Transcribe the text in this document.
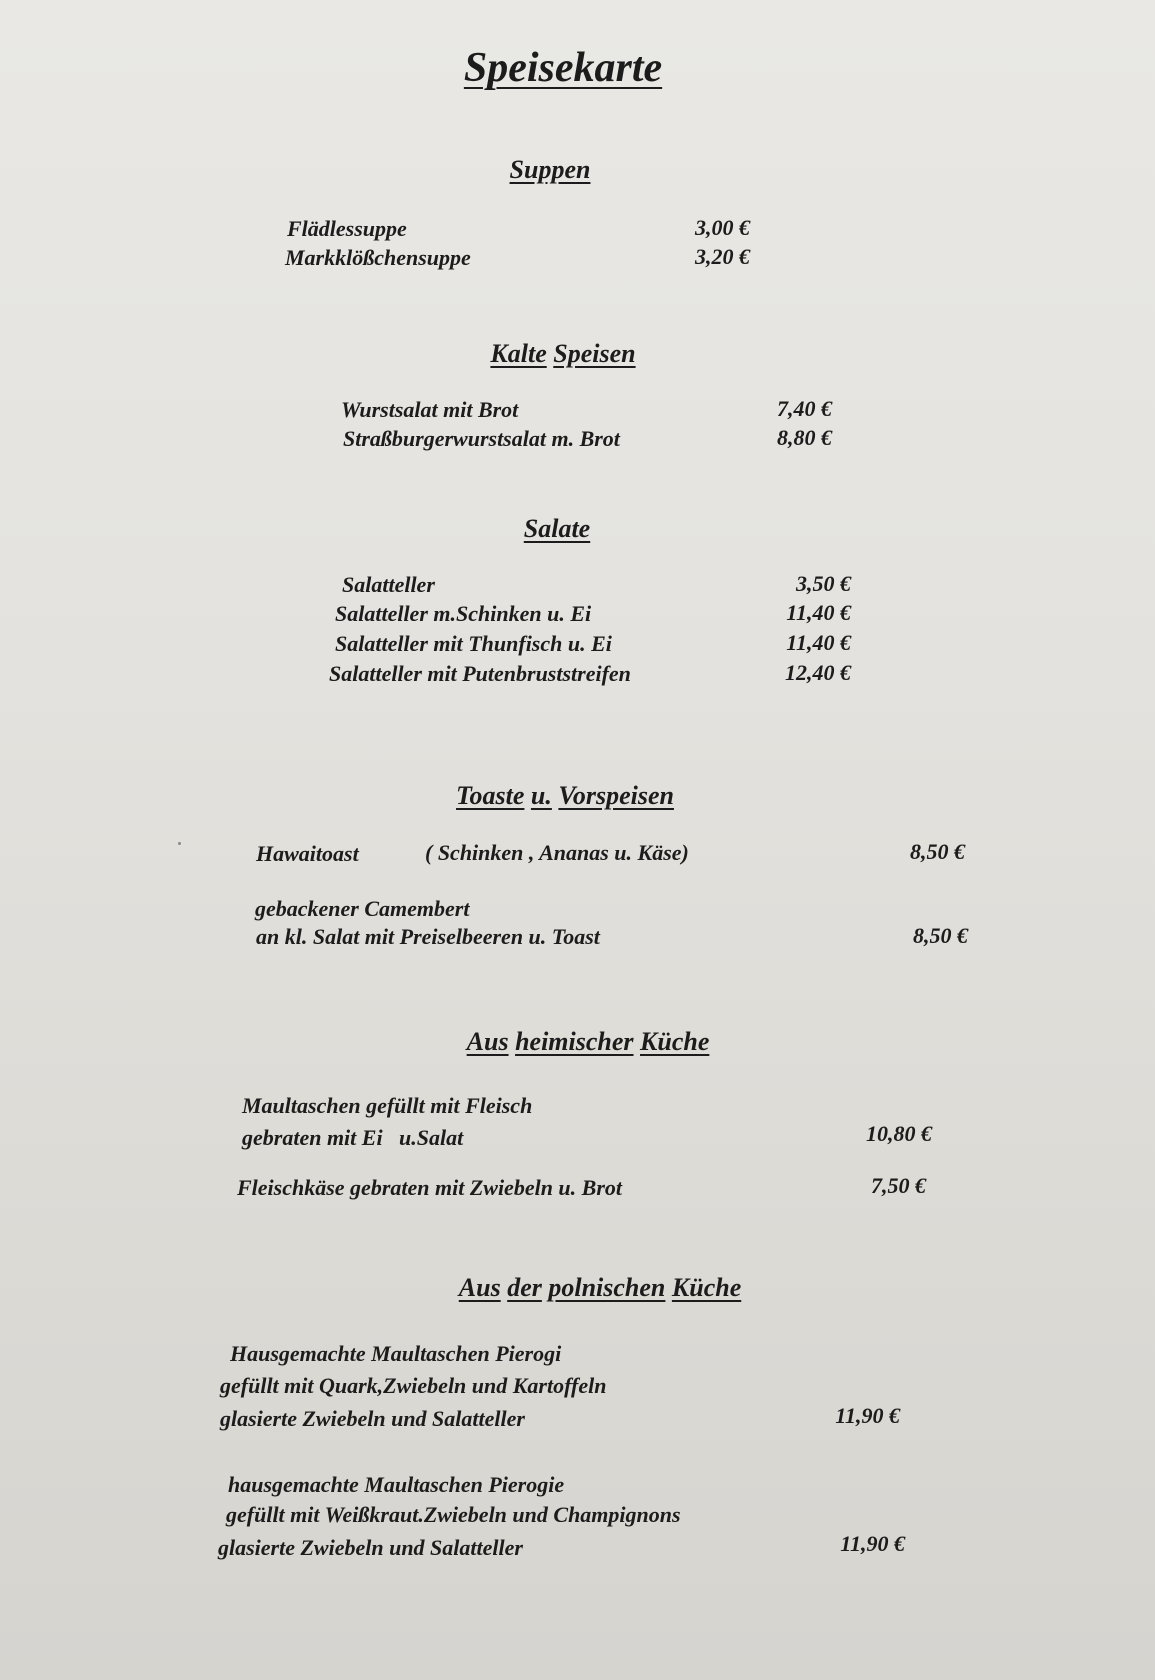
Speisekarte
Suppen
Flädlessuppe	3,00 €
Markklößchensuppe	3,20 €
Kalte Speisen
Wurstsalat mit Brot	7,40 €
Straßburgerwurstsalat m. Brot	8,80 €
Salate
Salatteller	3,50 €
Salatteller m.Schinken u. Ei	11,40 €
Salatteller mit Thunfisch u. Ei	11,40 €
Salatteller mit Putenbruststreifen	12,40 €
Toaste u. Vorspeisen
Hawaitoast	( Schinken , Ananas u. Käse)	8,50 €
gebackener Camembert
an kl. Salat mit Preiselbeeren u. Toast	8,50 €
Aus heimischer Küche
Maultaschen gefüllt mit Fleisch
gebraten mit Ei   u.Salat	10,80 €
Fleischkäse gebraten mit Zwiebeln u. Brot	7,50 €
Aus der polnischen Küche
Hausgemachte Maultaschen Pierogi
gefüllt mit Quark,Zwiebeln und Kartoffeln
glasierte Zwiebeln und Salatteller	11,90 €
hausgemachte Maultaschen Pierogie
gefüllt mit Weißkraut.Zwiebeln und Champignons
glasierte Zwiebeln und Salatteller	11,90 €
